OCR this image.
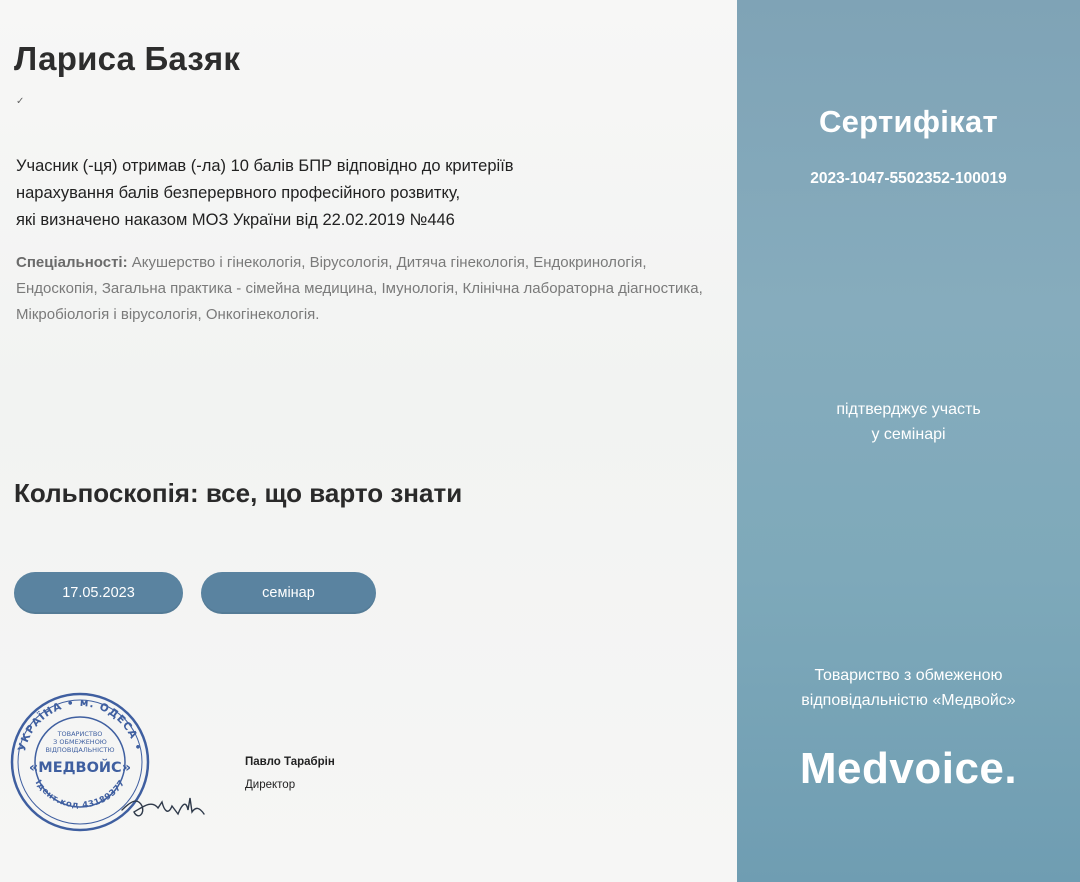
Лариса Базяк
✓
Учасник (-ця) отримав (-ла) 10 балів БПР відповідно до критеріїв
нарахування балів безперервного професійного розвитку,
які визначено наказом МОЗ України від 22.02.2019 №446
Спеціальності: Акушерство і гінекологія, Вірусологія, Дитяча гінекологія, Ендокринологія, Ендоскопія, Загальна практика - сімейна медицина, Імунологія, Клінічна лабораторна діагностика, Мікробіологія і вірусологія, Онкогінекологія.
Кольпоскопія: все, що варто знати
17.05.2023	семінар
УКРАЇНА • м. ОДЕСА •
Ідент.код 43189377
ТОВАРИСТВО
З ОБМЕЖЕНОЮ
ВІДПОВІДАЛЬНІСТЮ
«МЕДВОЙС»	Павло Тарабрін
Директор
Сертифікат
2023-1047-5502352-100019
підтверджує участь
у семінарі
Товариство з обмеженою
відповідальністю «Медвойс»
Medvoice.
